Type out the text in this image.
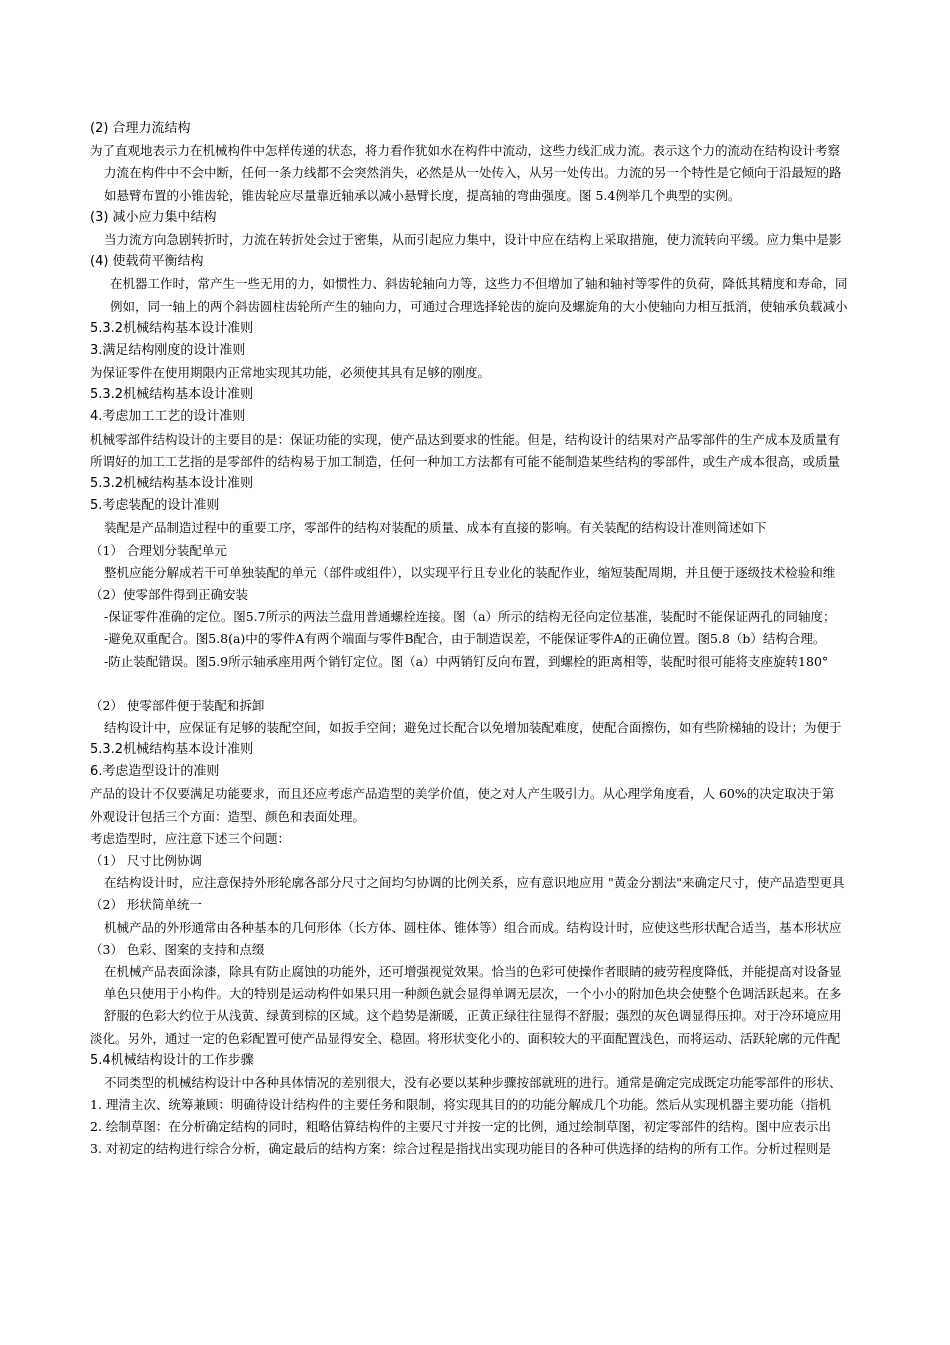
(2) 合理力流结构
为了直观地表示力在机械构件中怎样传递的状态，将力看作犹如水在构件中流动，这些力线汇成力流。表示这个力的流动在结构设计考察
力流在构件中不会中断，任何一条力线都不会突然消失，必然是从一处传入，从另一处传出。力流的另一个特性是它倾向于沿最短的路
如悬臂布置的小锥齿轮，锥齿轮应尽量靠近轴承以减小悬臂长度，提高轴的弯曲强度。图 5.4例举几个典型的实例。
(3) 减小应力集中结构
当力流方向急剧转折时，力流在转折处会过于密集，从而引起应力集中，设计中应在结构上采取措施，使力流转向平缓。应力集中是影
(4) 使载荷平衡结构
在机器工作时，常产生一些无用的力，如惯性力、斜齿轮轴向力等，这些力不但增加了轴和轴衬等零件的负荷，降低其精度和寿命，同
例如，同一轴上的两个斜齿圆柱齿轮所产生的轴向力，可通过合理选择轮齿的旋向及螺旋角的大小使轴向力相互抵消，使轴承负载减小
5.3.2机械结构基本设计准则
3.满足结构刚度的设计准则
为保证零件在使用期限内正常地实现其功能，必须使其具有足够的刚度。
5.3.2机械结构基本设计准则
4.考虑加工工艺的设计准则
机械零部件结构设计的主要目的是：保证功能的实现，使产品达到要求的性能。但是，结构设计的结果对产品零部件的生产成本及质量有
所谓好的加工工艺指的是零部件的结构易于加工制造，任何一种加工方法都有可能不能制造某些结构的零部件，或生产成本很高，或质量
5.3.2机械结构基本设计准则
5.考虑装配的设计准则
装配是产品制造过程中的重要工序，零部件的结构对装配的质量、成本有直接的影响。有关装配的结构设计准则简述如下
（1） 合理划分装配单元
整机应能分解成若干可单独装配的单元（部件或组件），以实现平行且专业化的装配作业，缩短装配周期，并且便于逐级技术检验和维
（2）使零部件得到正确安装
-保证零件准确的定位。图5.7所示的两法兰盘用普通螺栓连接。图（a）所示的结构无径向定位基准，装配时不能保证两孔的同轴度；
-避免双重配合。图5.8(a)中的零件A有两个端面与零件B配合，由于制造误差，不能保证零件A的正确位置。图5.8（b）结构合理。
-防止装配错误。图5.9所示轴承座用两个销钉定位。图（a）中两销钉反向布置，到螺栓的距离相等，装配时很可能将支座旋转180°
（2） 使零部件便于装配和拆卸
结构设计中，应保证有足够的装配空间，如扳手空间；避免过长配合以免增加装配难度，使配合面擦伤，如有些阶梯轴的设计；为便于
5.3.2机械结构基本设计准则
6.考虑造型设计的准则
产品的设计不仅要满足功能要求，而且还应考虑产品造型的美学价值，使之对人产生吸引力。从心理学角度看，人 60%的决定取决于第
外观设计包括三个方面：造型、颜色和表面处理。
考虑造型时，应注意下述三个问题：
（1） 尺寸比例协调
在结构设计时，应注意保持外形轮廓各部分尺寸之间均匀协调的比例关系，应有意识地应用 "黄金分割法"来确定尺寸，使产品造型更具
（2） 形状简单统一
机械产品的外形通常由各种基本的几何形体（长方体、圆柱体、锥体等）组合而成。结构设计时，应使这些形状配合适当，基本形状应
（3） 色彩、图案的支持和点缀
在机械产品表面涂漆，除具有防止腐蚀的功能外，还可增强视觉效果。恰当的色彩可使操作者眼睛的疲劳程度降低，并能提高对设备显
单色只使用于小构件。大的特别是运动构件如果只用一种颜色就会显得单调无层次，一个小小的附加色块会使整个色调活跃起来。在多
舒服的色彩大约位于从浅黄、绿黄到棕的区域。这个趋势是渐暖，正黄正绿往往显得不舒服；强烈的灰色调显得压抑。对于冷环境应用
淡化。另外，通过一定的色彩配置可使产品显得安全、稳固。将形状变化小的、面积较大的平面配置浅色，而将运动、活跃轮廓的元件配
5.4机械结构设计的工作步骤
不同类型的机械结构设计中各种具体情况的差别很大，没有必要以某种步骤按部就班的进行。通常是确定完成既定功能零部件的形状、
1. 理清主次、统筹兼顾：明确待设计结构件的主要任务和限制，将实现其目的的功能分解成几个功能。然后从实现机器主要功能（指机
2. 绘制草图：在分析确定结构的同时，粗略估算结构件的主要尺寸并按一定的比例，通过绘制草图，初定零部件的结构。图中应表示出
3. 对初定的结构进行综合分析，确定最后的结构方案：综合过程是指找出实现功能目的各种可供选择的结构的所有工作。分析过程则是
